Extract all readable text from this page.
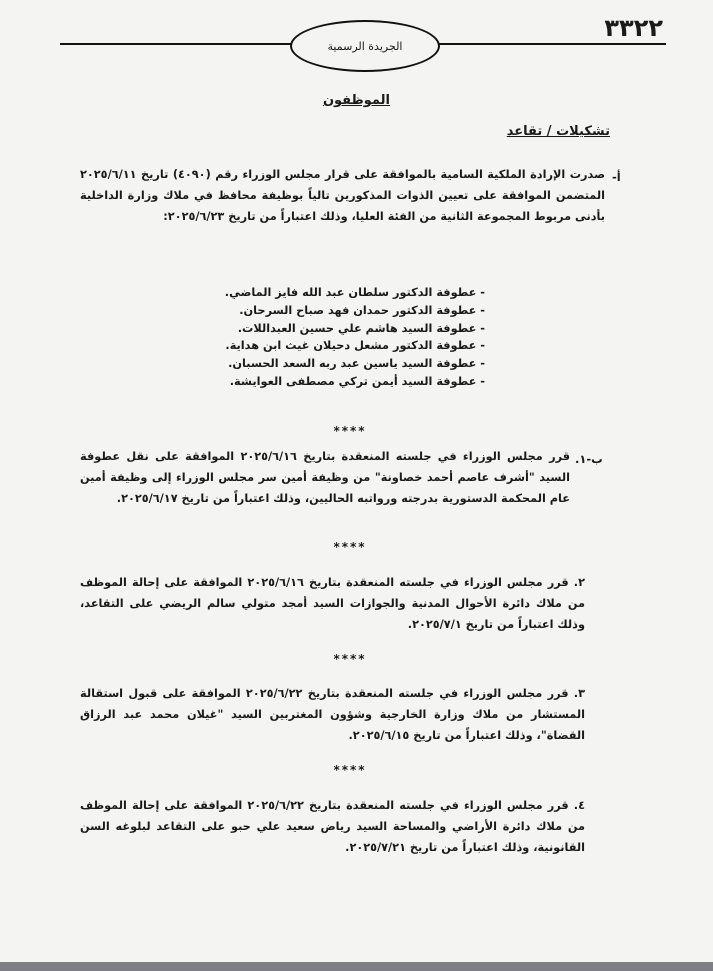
٣٣٢٢
الجريدة الرسمية
الموظفون
تشكيلات / تقاعد
أ-
صدرت الإرادة الملكية السامية بالموافقة على قرار مجلس الوزراء رقم (٤٠٩٠) تاريخ ٢٠٢٥/٦/١١ المتضمن الموافقة على تعيين الذوات المذكورين تالياً بوظيفة محافظ في ملاك وزارة الداخلية بأدنى مربوط المجموعة الثانية من الفئة العليا، وذلك اعتباراً من تاريخ ٢٠٢٥/٦/٢٣:
- عطوفة الدكتور سلطان عبد الله فايز الماضي.
- عطوفة الدكتور حمدان فهد صباح السرحان.
- عطوفة السيد هاشم علي حسين العبداللات.
- عطوفة الدكتور مشعل دحيلان غيث ابن هداية.
- عطوفة السيد ياسين عبد ربه السعد الحسبان.
- عطوفة السيد أيمن تركي مصطفى العوايشة.
****
ب-١.
قرر مجلس الوزراء في جلسته المنعقدة بتاريخ ٢٠٢٥/٦/١٦ الموافقة على نقل عطوفة السيد "أشرف عاصم أحمد خصاونة" من وظيفة أمين سر مجلس الوزراء إلى وظيفة أمين عام المحكمة الدستورية بدرجته ورواتبه الحاليين، وذلك اعتباراً من تاريخ ٢٠٢٥/٦/١٧.
****
٢. قرر مجلس الوزراء في جلسته المنعقدة بتاريخ ٢٠٢٥/٦/١٦ الموافقة على إحالة الموظف من ملاك دائرة الأحوال المدنية والجوازات السيد أمجد متولي سالم الريضي على التقاعد، وذلك اعتباراً من تاريخ ٢٠٢٥/٧/١.
****
٣. قرر مجلس الوزراء في جلسته المنعقدة بتاريخ ٢٠٢٥/٦/٢٢ الموافقة على قبول استقالة المستشار من ملاك وزارة الخارجية وشؤون المغتربين السيد "غيلان محمد عبد الرزاق القضاة"، وذلك اعتباراً من تاريخ ٢٠٢٥/٦/١٥.
****
٤. قرر مجلس الوزراء في جلسته المنعقدة بتاريخ ٢٠٢٥/٦/٢٢ الموافقة على إحالة الموظف من ملاك دائرة الأراضي والمساحة السيد رياض سعيد علي حبو على التقاعد لبلوغه السن القانونية، وذلك اعتباراً من تاريخ ٢٠٢٥/٧/٢١.
